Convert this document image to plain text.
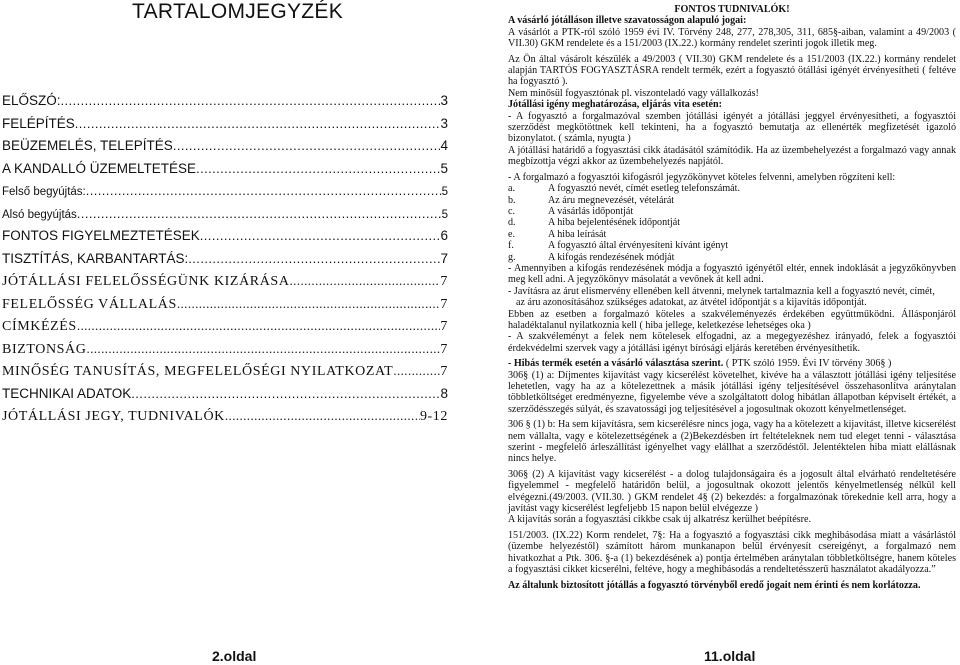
TARTALOMJEGYZÉK
ELŐSZÓ: .....	3
FELÉPÍTÉS .....	3
BEÜZEMELÉS, TELEPÍTÉS .....	4
A KANDALLÓ ÜZEMELTETÉSE .....	5
Felső begyújtás: .....	5
Alsó begyújtás .....	5
FONTOS FIGYELMEZTETÉSEK .....	6
TISZTÍTÁS, KARBANTARTÁS: .....	7
JÓTÁLLÁSI FELELŐSSÉGÜNK KIZÁRÁSA .....	7
FELELŐSSÉG VÁLLALÁS .....	7
CÍMKÉZÉS .....	7
BIZTONSÁG .....	7
MINŐSÉG TANUSÍTÁS, MEGFELELŐSÉGI NYILATKOZAT .....	7
TECHNIKAI ADATOK .....	8
JÓTÁLLÁSI JEGY, TUDNIVALÓK .....	9-12
2.oldal

FONTOS TUDNIVALÓK!

A vásárló jótálláson illetve szavatosságon alapuló jogai:

A vásárlót a PTK-ról szóló 1959 évi IV. Törvény 248, 277, 278,305, 311, 685§-aiban, valamint a 49/2003 ( VII.30) GKM rendelete és a 151/2003 (IX.22.) kormány rendelet szerinti jogok illetik meg.

Az Ön által vásárolt készülék a 49/2003 ( VII.30) GKM rendelete és a 151/2003 (IX.22.) kormány rendelet alapján TARTÓS FOGYASZTÁSRA rendelt termék, ezért a fogyasztó ötállási igényét érvényesítheti ( feltéve ha fogyasztó ).

Nem minősül fogyasztónak pl. viszonteladó vagy vállalkozás!

Jótállási igény meghatározása, eljárás vita esetén:

- A fogyasztó a forgalmazóval szemben jótállási igényét a jótállási jeggyel érvényesítheti, a fogyasztói szerződést megkötöttnek kell tekinteni, ha a fogyasztó bemutatja az ellenérték megfizetését igazoló bizonylatot. ( számla, nyugta )

A jótállási határidő a fogyasztási cikk átadásától számítódik. Ha az üzembehelyezést a forgalmazó vagy annak megbízottja végzi akkor az üzembehelyezés napjától.

- A forgalmazó a fogyasztói kifogásról jegyzőkönyvet köteles felvenni, amelyben rögzíteni kell:

a.	A fogyasztó nevét, címét esetleg telefonszámát.
b.	Az áru megnevezését, vételárát
c.	A vásárlás időpontját
d.	A hiba bejelentésének időpontját
e.	A hiba leírását
f.	A fogyasztó által érvényesíteni kívánt igényt
g.	A kifogás rendezésének módját

- Amennyiben a kifogás rendezésének módja a fogyasztó igényétől eltér, ennek indoklását a jegyzőkönyvben meg kell adni. A jegyzőkönyv másolatát a vevőnek át kell adni.

- Javításra az árut elismervény ellenében kell átvenni, melynek tartalmaznia kell a fogyasztó nevét, címét,

az áru azonosításához szükséges adatokat, az átvétel időpontját s a kijavítás időpontját.

Ebben az esetben a forgalmazó köteles a szakvéleményezés érdekében együttműködni. Állásponjáról haladéktalanul nyilatkoznia kell ( hiba jellege, keletkezése lehetséges oka )

- A szakvéleményt a felek nem kötelesek elfogadni, az a megegyezéshez irányadó, felek a fogyasztói érdekvédelmi szervek vagy a jótállási igényt bírósági eljárás keretében érvényesíthetik.

- Hibás termék esetén a vásárló választása szerint. ( PTK szóló 1959. Évi IV törvény 306§ )

306§ (1) a: Díjmentes kijavítást vagy kicserélést követelhet, kivéve ha a választott jótállási igény teljesítése lehetetlen, vagy ha az a kötelezettnek a másik jótállási igény teljesítésével összehasonlítva aránytalan többletköltséget eredményezne, figyelembe véve a szolgáltatott dolog hibátlan állapotban képviselt értékét, a szerződésszegés súlyát, és szavatossági jog teljesítésével a jogosultnak okozott kényelmetlenséget.

306 § (1) b: Ha sem kijavításra, sem kicserélésre nincs joga, vagy ha a kötelezett a kijavítást, illetve kicserélést nem vállalta, vagy e kötelezettségének a (2)Bekezdésben írt feltételeknek nem tud eleget tenni - választása szerint - megfelelő árleszállítást igényelhet vagy elállhat a szerződéstől. Jelentéktelen hiba miatt elállásnak nincs helye.

306§ (2) A kijavítást vagy kicserélést - a dolog tulajdonságaira és a jogosult által elvárható rendeltetésére figyelemmel - megfelelő határidőn belül, a jogosultnak okozott jelentős kényelmetlenség nélkül kell elvégezni.(49/2003. (VII.30. ) GKM rendelet 4§ (2) bekezdés: a forgalmazónak törekednie kell arra, hogy a javítást vagy kicserélést legfeljebb 15 napon belül elvégezze )

A kijavítás során a fogyasztási cikkbe csak új alkatrész kerülhet beépítésre.

151/2003. (IX.22) Korm rendelet, 7§: Ha a fogyasztó a fogyasztási cikk meghibásodása miatt a vásárlástól (üzembe helyezéstől) számított három munkanapon belül érvényesít csereigényt, a forgalmazó nem hivatkozhat a Ptk. 306. §-a (1) bekezdésének a) pontja értelmében aránytalan többletköltségre, hanem köteles a fogyasztási cikket kicserélni, feltéve, hogy a meghibásodás a rendeltetésszerű használatot akadályozza.”

Az általunk biztosított jótállás a fogyasztó törvényből eredő jogait nem érinti és nem korlátozza.

11.oldal
